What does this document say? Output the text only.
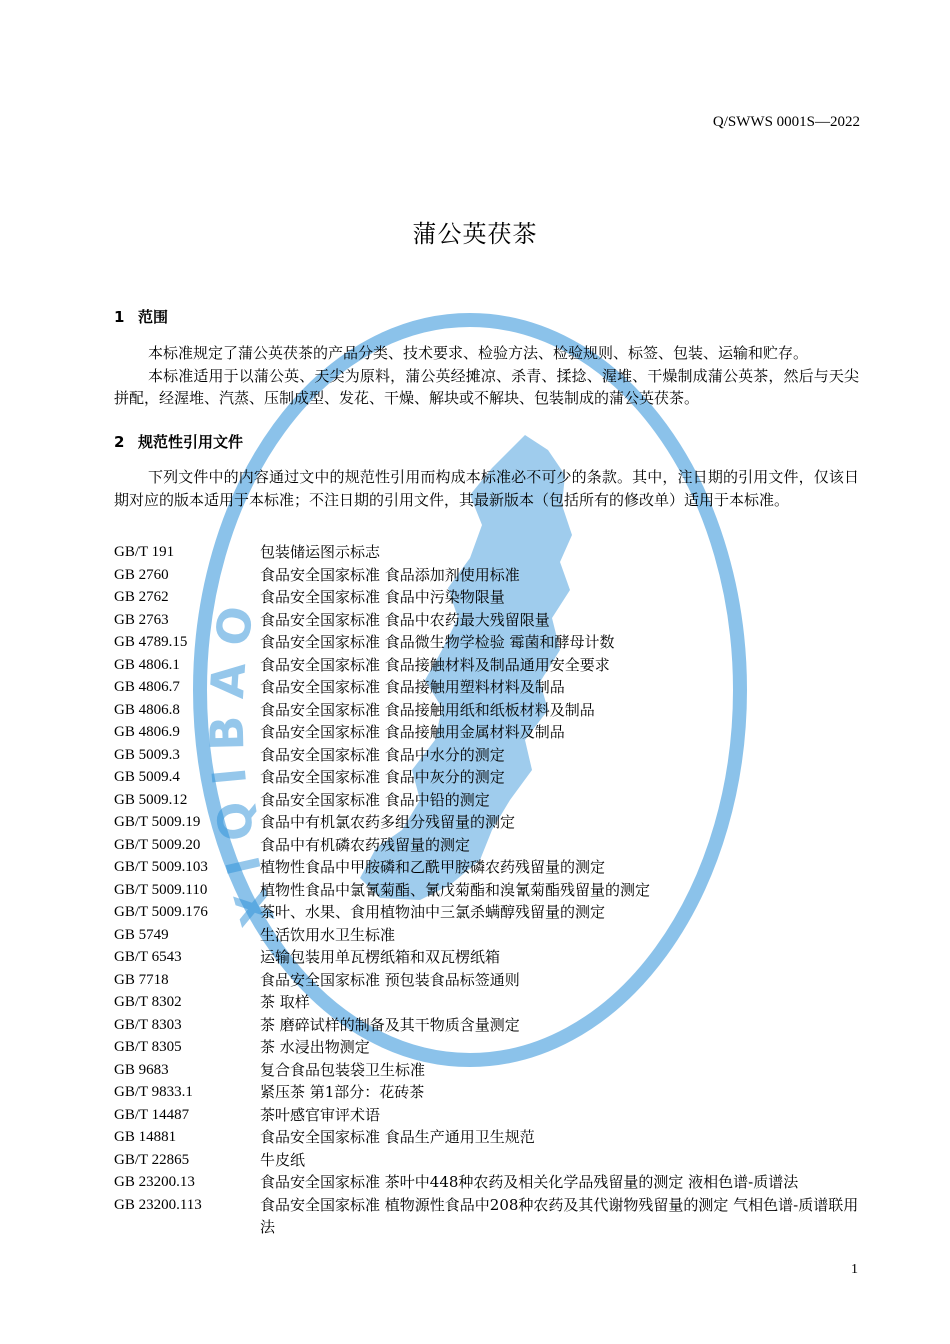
X I Q I B A O
Q/SWWS 0001S—2022
蒲公英茯茶
1 范围

本标准规定了蒲公英茯茶的产品分类、技术要求、检验方法、检验规则、标签、包装、运输和贮存。

本标准适用于以蒲公英、天尖为原料，蒲公英经摊凉、杀青、揉捻、渥堆、干燥制成蒲公英茶，然后与天尖拼配，经渥堆、汽蒸、压制成型、发花、干燥、解块或不解块、包装制成的蒲公英茯茶。

2 规范性引用文件

下列文件中的内容通过文中的规范性引用而构成本标准必不可少的条款。其中，注日期的引用文件，仅该日期对应的版本适用于本标准；不注日期的引用文件，其最新版本（包括所有的修改单）适用于本标准。

GB/T 191	包装储运图示标志
GB 2760	食品安全国家标准 食品添加剂使用标准
GB 2762	食品安全国家标准 食品中污染物限量
GB 2763	食品安全国家标准 食品中农药最大残留限量
GB 4789.15	食品安全国家标准 食品微生物学检验 霉菌和酵母计数
GB 4806.1	食品安全国家标准 食品接触材料及制品通用安全要求
GB 4806.7	食品安全国家标准 食品接触用塑料材料及制品
GB 4806.8	食品安全国家标准 食品接触用纸和纸板材料及制品
GB 4806.9	食品安全国家标准 食品接触用金属材料及制品
GB 5009.3	食品安全国家标准 食品中水分的测定
GB 5009.4	食品安全国家标准 食品中灰分的测定
GB 5009.12	食品安全国家标准 食品中铅的测定
GB/T 5009.19	食品中有机氯农药多组分残留量的测定
GB/T 5009.20	食品中有机磷农药残留量的测定
GB/T 5009.103	植物性食品中甲胺磷和乙酰甲胺磷农药残留量的测定
GB/T 5009.110	植物性食品中氯氰菊酯、氰戊菊酯和溴氰菊酯残留量的测定
GB/T 5009.176	茶叶、水果、食用植物油中三氯杀螨醇残留量的测定
GB 5749	生活饮用水卫生标准
GB/T 6543	运输包装用单瓦楞纸箱和双瓦楞纸箱
GB 7718	食品安全国家标准 预包装食品标签通则
GB/T 8302	茶 取样
GB/T 8303	茶 磨碎试样的制备及其干物质含量测定
GB/T 8305	茶 水浸出物测定
GB 9683	复合食品包装袋卫生标准
GB/T 9833.1	紧压茶 第1部分：花砖茶
GB/T 14487	茶叶感官审评术语
GB 14881	食品安全国家标准 食品生产通用卫生规范
GB/T 22865	牛皮纸
GB 23200.13	食品安全国家标准 茶叶中448种农药及相关化学品残留量的测定 液相色谱-质谱法
GB 23200.113	食品安全国家标准 植物源性食品中208种农药及其代谢物残留量的测定 气相色谱-质谱联用法
1
